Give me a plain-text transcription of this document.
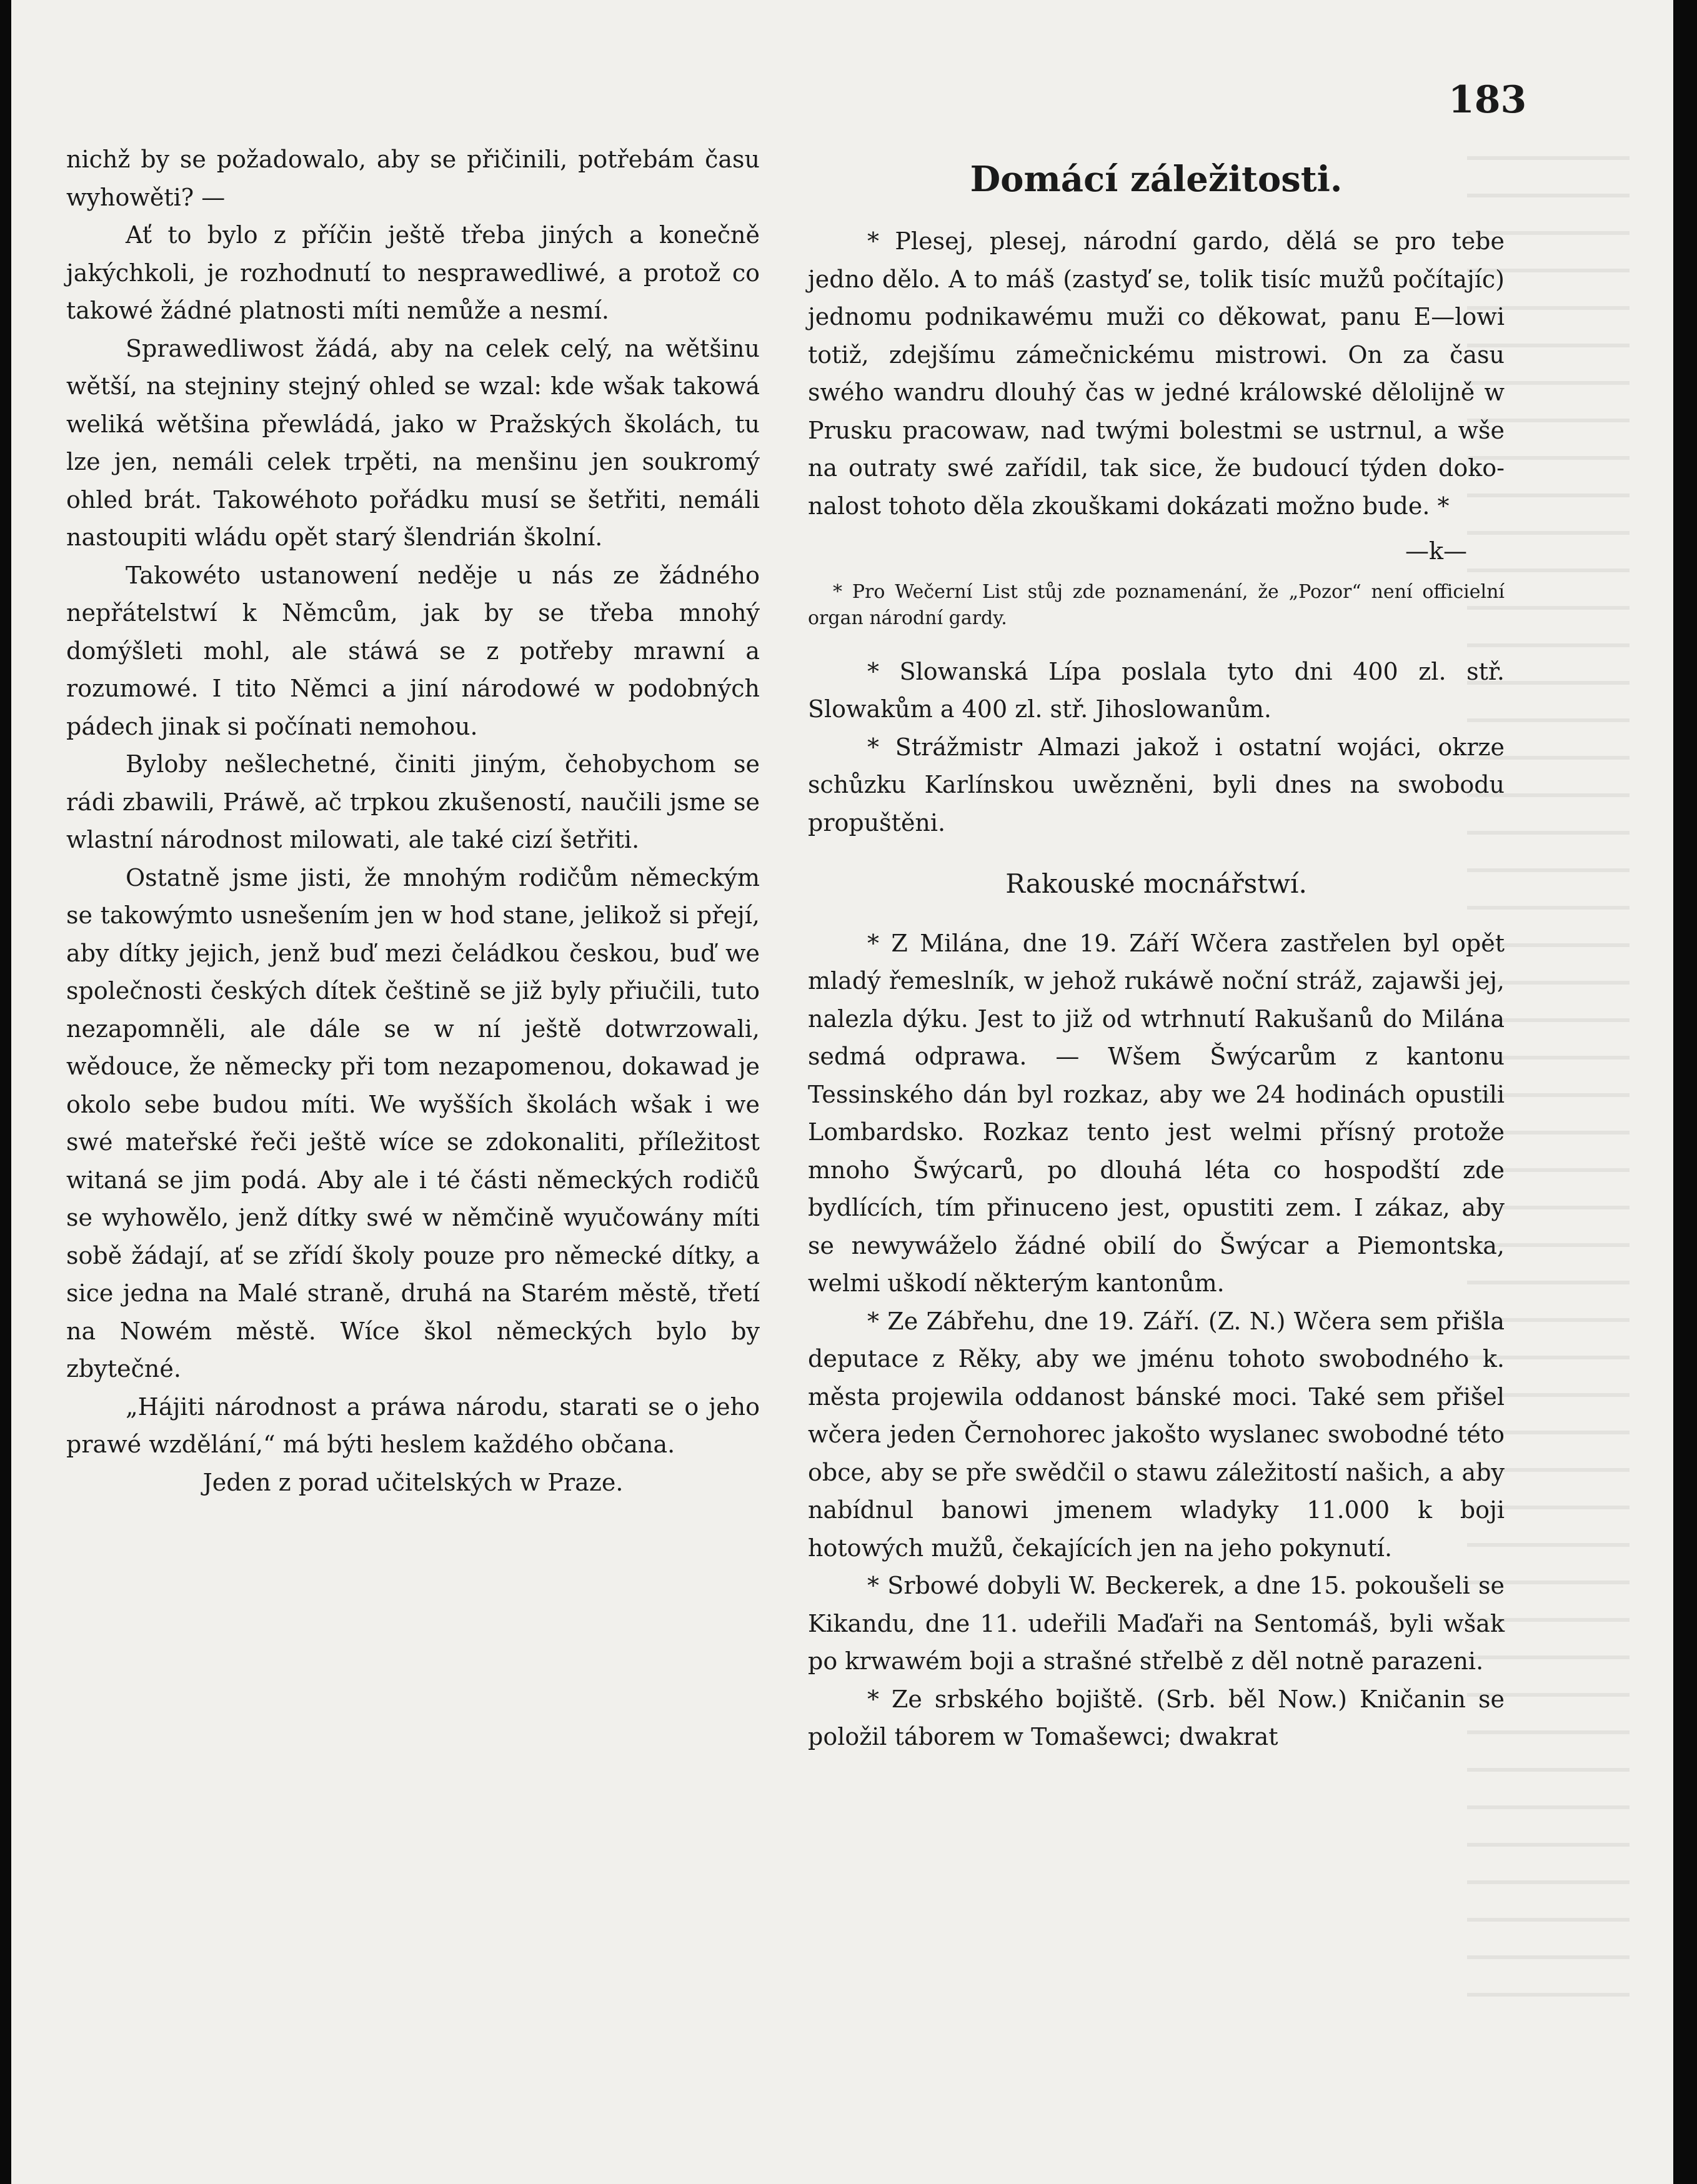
183

nichž by se požadowalo, aby se přičinili, potřebám času wyhowěti? —

Ať to bylo z příčin ještě třeba jiných a konečně jakýchkoli, je rozhodnutí to nesprawedliwé, a protož co takowé žádné platnosti míti nemůže a nesmí.

Sprawedliwost žádá, aby na celek celý, na wětšinu wětší, na stejniny stejný ohled se wzal: kde wšak takowá weliká wětšina přewládá, jako w Pražských školách, tu lze jen, nemáli celek trpěti, na menšinu jen soukromý ohled brát. Takowéhoto pořádku musí se šetřiti, nemáli nastoupiti wládu opět starý šlendrián školní.

Takowéto ustanowení neděje u nás ze žádného nepřátelstwí k Němcům, jak by se třeba mnohý domýšleti mohl, ale stáwá se z potřeby mrawní a rozumowé. I tito Němci a jiní národowé w podobných pádech jinak si počínati nemohou.

Byloby nešlechetné, činiti jiným, čehobychom se rádi zbawili, Práwě, ač trpkou zkušeností, naučili jsme se wlastní národnost milowati, ale také cizí šetřiti.

Ostatně jsme jisti, že mnohým rodičům německým se takowýmto usnešením jen w hod stane, jelikož si přejí, aby dítky jejich, jenž buď mezi čeládkou českou, buď we společnosti českých dítek češtině se již byly přiučili, tuto nezapomněli, ale dále se w ní ještě dotwrzowali, wědouce, že německy při tom nezapomenou, dokawad je okolo sebe budou míti. We wyšších školách wšak i we swé mateřské řeči ještě wíce se zdokonaliti, příležitost witaná se jim podá. Aby ale i té části německých rodičů se wyhowělo, jenž dítky swé w němčině wyučowány míti sobě žádají, ať se zřídí školy pouze pro německé dítky, a sice jedna na Malé straně, druhá na Starém městě, třetí na Nowém městě. Wíce škol německých bylo by zbytečné.

„Hájiti národnost a práwa národu, starati se o jeho prawé wzdělání,“ má býti heslem každého občana.

Jeden z porad učitelských w Praze.

Domácí záležitosti.

* Plesej, plesej, národní gardo, dělá se pro tebe jedno dělo. A to máš (zastyď se, tolik tisíc mužů počítajíc) jednomu podnikawému muži co děkowat, panu E—lowi totiž, zdejšímu zámečnickému mistrowi. On za času swého wandru dlouhý čas w jedné králowské dělolijně w Prusku pracowaw, nad twými bolestmi se ustrnul, a wše na outraty swé zařídil, tak sice, že budoucí týden dokonalost tohoto děla zkouškami dokázati možno bude. *

—k—

* Pro Wečerní List stůj zde poznamenání, že „Pozor“ není officielní organ národní gardy.

* Slowanská Lípa poslala tyto dni 400 zl. stř. Slowakům a 400 zl. stř. Jihoslowanům.

* Strážmistr Almazi jakož i ostatní wojáci, okrze schůzku Karlínskou uwězněni, byli dnes na swobodu propuštěni.

Rakouské mocnářstwí.

* Z Milána, dne 19. Září Wčera zastřelen byl opět mladý řemeslník, w jehož rukáwě noční stráž, zajawši jej, nalezla dýku. Jest to již od wtrhnutí Rakušanů do Milána sedmá odprawa. — Wšem Šwýcarům z kantonu Tessinského dán byl rozkaz, aby we 24 hodinách opustili Lombardsko. Rozkaz tento jest welmi přísný protože mnoho Šwýcarů, po dlouhá léta co hospodští zde bydlících, tím přinuceno jest, opustiti zem. I zákaz, aby se newywáželo žádné obilí do Šwýcar a Piemontska, welmi uškodí některým kantonům.

* Ze Zábřehu, dne 19. Září. (Z. N.) Wčera sem přišla deputace z Rěky, aby we jménu tohoto swobodného k. města projewila oddanost bánské moci. Také sem přišel wčera jeden Černohorec jakošto wyslanec swobodné této obce, aby se pře swědčil o stawu záležitostí našich, a aby nabídnul banowi jmenem wladyky 11.000 k boji hotowých mužů, čekajících jen na jeho pokynutí.

* Srbowé dobyli W. Beckerek, a dne 15. pokoušeli se Kikandu, dne 11. udeřili Maďaři na Sentomáš, byli wšak po krwawém boji a strašné střelbě z děl notně parazeni.

* Ze srbského bojiště. (Srb. běl Now.) Kničanin se položil táborem w Tomašewci; dwakrat
